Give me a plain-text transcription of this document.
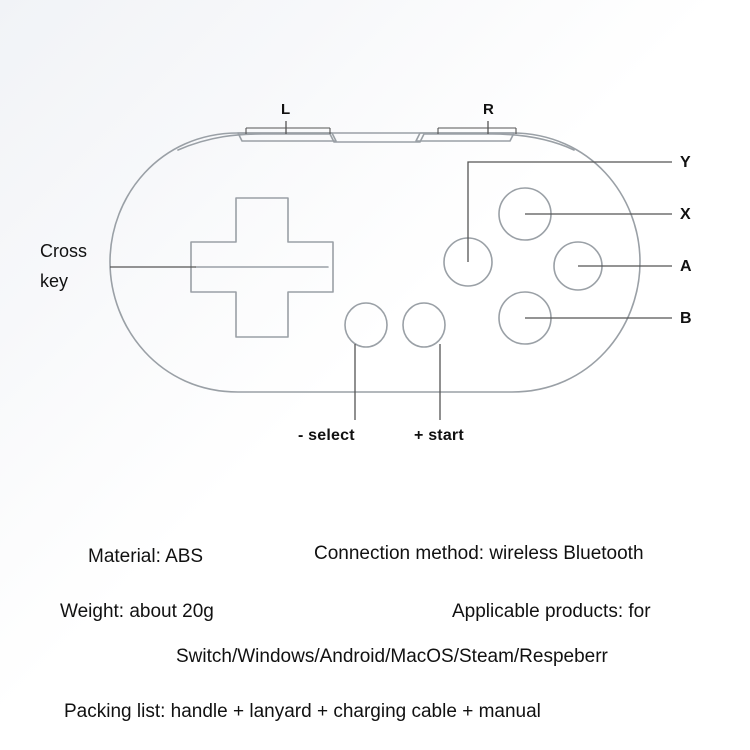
L	R
Cross
key
Y
X
A
B
- select	+ start
Material: ABS	Connection method: wireless Bluetooth
Weight: about 20g	Applicable products: for
Switch/Windows/Android/MacOS/Steam/Respeberr
Packing list: handle + lanyard + charging cable + manual
